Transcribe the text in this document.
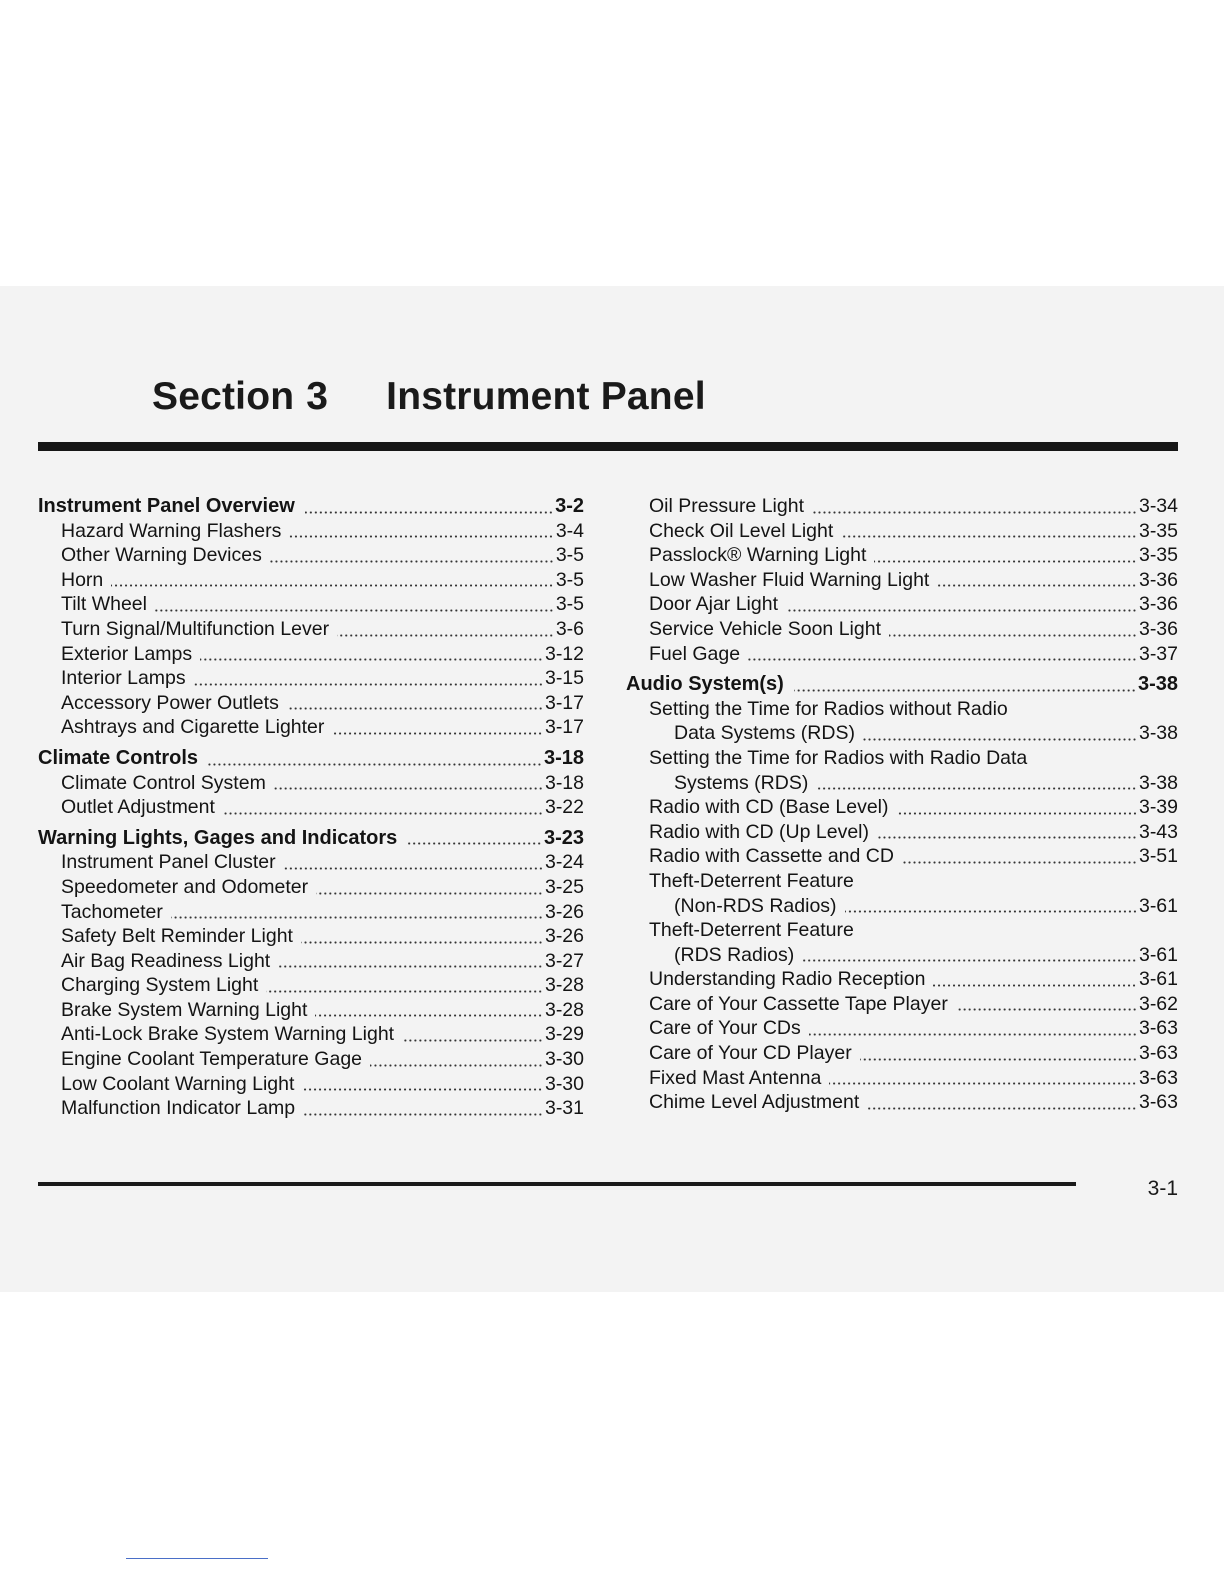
Section 3 Instrument Panel
Instrument Panel Overview	3-2
Hazard Warning Flashers	3-4
Other Warning Devices	3-5
Horn	3-5
Tilt Wheel	3-5
Turn Signal/Multifunction Lever	3-6
Exterior Lamps	3-12
Interior Lamps	3-15
Accessory Power Outlets	3-17
Ashtrays and Cigarette Lighter	3-17
Climate Controls	3-18
Climate Control System	3-18
Outlet Adjustment	3-22
Warning Lights, Gages and Indicators	3-23
Instrument Panel Cluster	3-24
Speedometer and Odometer	3-25
Tachometer	3-26
Safety Belt Reminder Light	3-26
Air Bag Readiness Light	3-27
Charging System Light	3-28
Brake System Warning Light	3-28
Anti-Lock Brake System Warning Light	3-29
Engine Coolant Temperature Gage	3-30
Low Coolant Warning Light	3-30
Malfunction Indicator Lamp	3-31
Oil Pressure Light	3-34
Check Oil Level Light	3-35
Passlock® Warning Light	3-35
Low Washer Fluid Warning Light	3-36
Door Ajar Light	3-36
Service Vehicle Soon Light	3-36
Fuel Gage	3-37
Audio System(s)	3-38
Setting the Time for Radios without Radio
Data Systems (RDS)	3-38
Setting the Time for Radios with Radio Data
Systems (RDS)	3-38
Radio with CD (Base Level)	3-39
Radio with CD (Up Level)	3-43
Radio with Cassette and CD	3-51
Theft-Deterrent Feature
(Non-RDS Radios)	3-61
Theft-Deterrent Feature
(RDS Radios)	3-61
Understanding Radio Reception	3-61
Care of Your Cassette Tape Player	3-62
Care of Your CDs	3-63
Care of Your CD Player	3-63
Fixed Mast Antenna	3-63
Chime Level Adjustment	3-63
3-1
